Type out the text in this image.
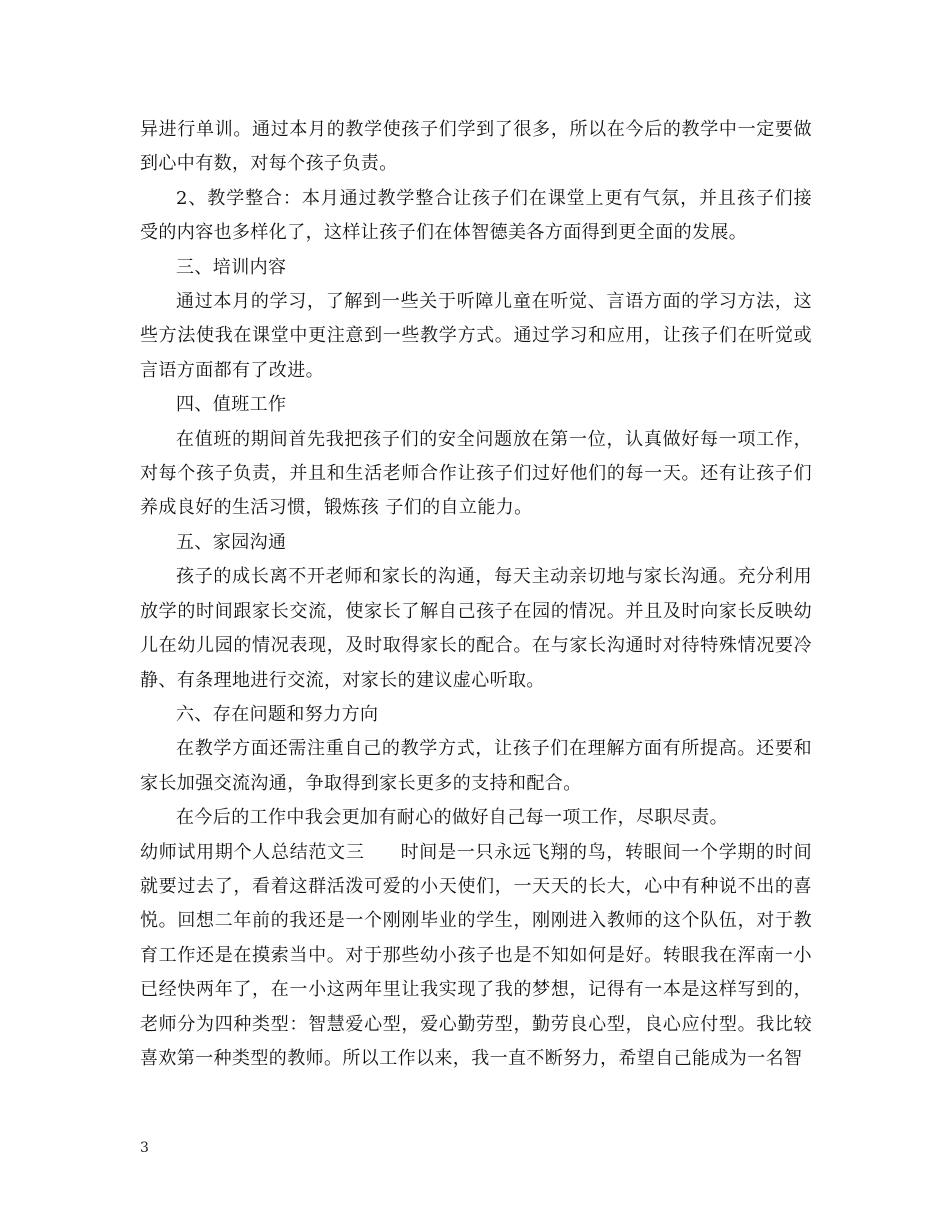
异进行单训。通过本月的教学使孩子们学到了很多，所以在今后的教学中一定要做到心中有数，对每个孩子负责。

2、教学整合：本月通过教学整合让孩子们在课堂上更有气氛，并且孩子们接受的内容也多样化了，这样让孩子们在体智德美各方面得到更全面的发展。

三、培训内容

通过本月的学习，了解到一些关于听障儿童在听觉、言语方面的学习方法，这些方法使我在课堂中更注意到一些教学方式。通过学习和应用，让孩子们在听觉或言语方面都有了改进。

四、值班工作

在值班的期间首先我把孩子们的安全问题放在第一位，认真做好每一项工作，对每个孩子负责，并且和生活老师合作让孩子们过好他们的每一天。还有让孩子们养成良好的生活习惯，锻炼孩 子们的自立能力。

五、家园沟通

孩子的成长离不开老师和家长的沟通，每天主动亲切地与家长沟通。充分利用放学的时间跟家长交流，使家长了解自己孩子在园的情况。并且及时向家长反映幼儿在幼儿园的情况表现，及时取得家长的配合。在与家长沟通时对待特殊情况要冷静、有条理地进行交流，对家长的建议虚心听取。

六、存在问题和努力方向

在教学方面还需注重自己的教学方式，让孩子们在理解方面有所提高。还要和家长加强交流沟通，争取得到家长更多的支持和配合。

在今后的工作中我会更加有耐心的做好自己每一项工作，尽职尽责。

幼师试用期个人总结范文三 时间是一只永远飞翔的鸟，转眼间一个学期的时间就要过去了，看着这群活泼可爱的小天使们，一天天的长大，心中有种说不出的喜悦。回想二年前的我还是一个刚刚毕业的学生，刚刚进入教师的这个队伍，对于教育工作还是在摸索当中。对于那些幼小孩子也是不知如何是好。转眼我在浑南一小已经快两年了，在一小这两年里让我实现了我的梦想，记得有一本是这样写到的，老师分为四种类型：智慧爱心型，爱心勤劳型，勤劳良心型，良心应付型。我比较喜欢第一种类型的教师。所以工作以来，我一直不断努力，希望自己能成为一名智

3
